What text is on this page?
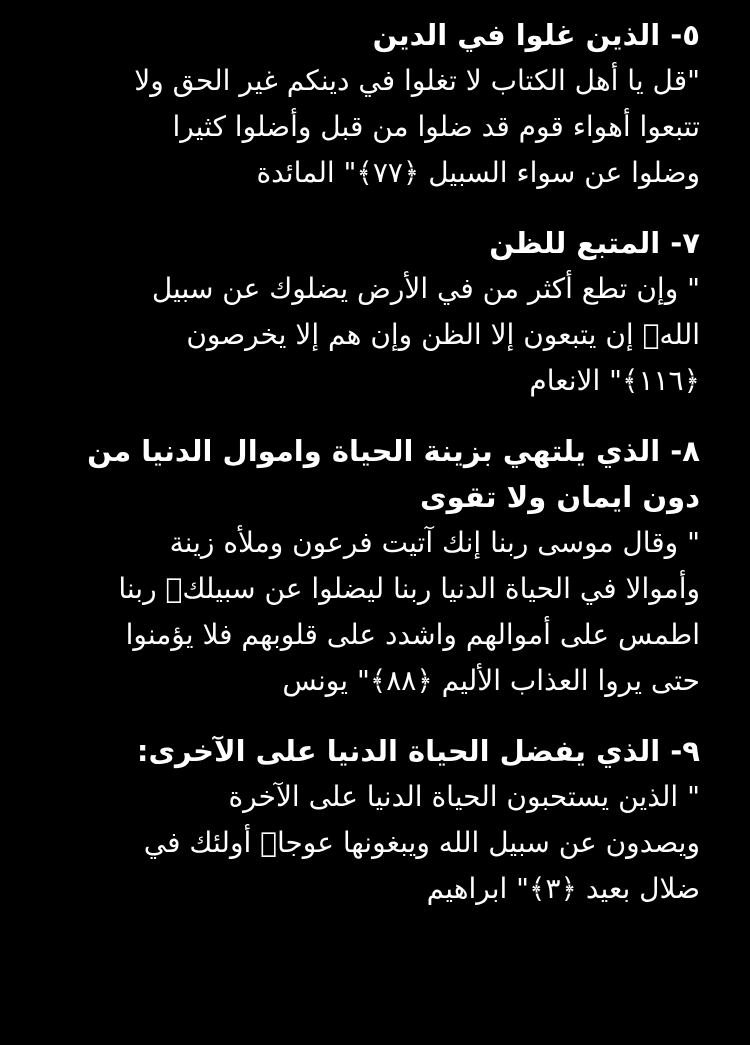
٥- الذين غلوا في الدين

"قل يا أهل الكتاب لا تغلوا في دينكم غير الحق ولا

تتبعوا أهواء قوم قد ضلوا من قبل وأضلوا كثيرا

وضلوا عن سواء السبيل ﴿٧٧﴾" المائدة

٧- المتبع للظن

" وإن تطع أكثر من في الأرض يضلوك عن سبيل

اللهۚ إن يتبعون إلا الظن وإن هم إلا يخرصون

﴿١١٦﴾" الانعام

٨- الذي يلتهي بزينة الحياة واموال الدنيا من

دون ايمان ولا تقوى

" وقال موسى ربنا إنك آتيت فرعون وملأه زينة

وأموالا في الحياة الدنيا ربنا ليضلوا عن سبيلكۖ ربنا

اطمس على أموالهم واشدد على قلوبهم فلا يؤمنوا

حتى يروا العذاب الأليم ﴿٨٨﴾" يونس

٩- الذي يفضل الحياة الدنيا على الآخرى:

" الذين يستحبون الحياة الدنيا على الآخرة

ويصدون عن سبيل الله ويبغونها عوجاۚ أولئك في

ضلال بعيد ﴿٣﴾" ابراهيم
